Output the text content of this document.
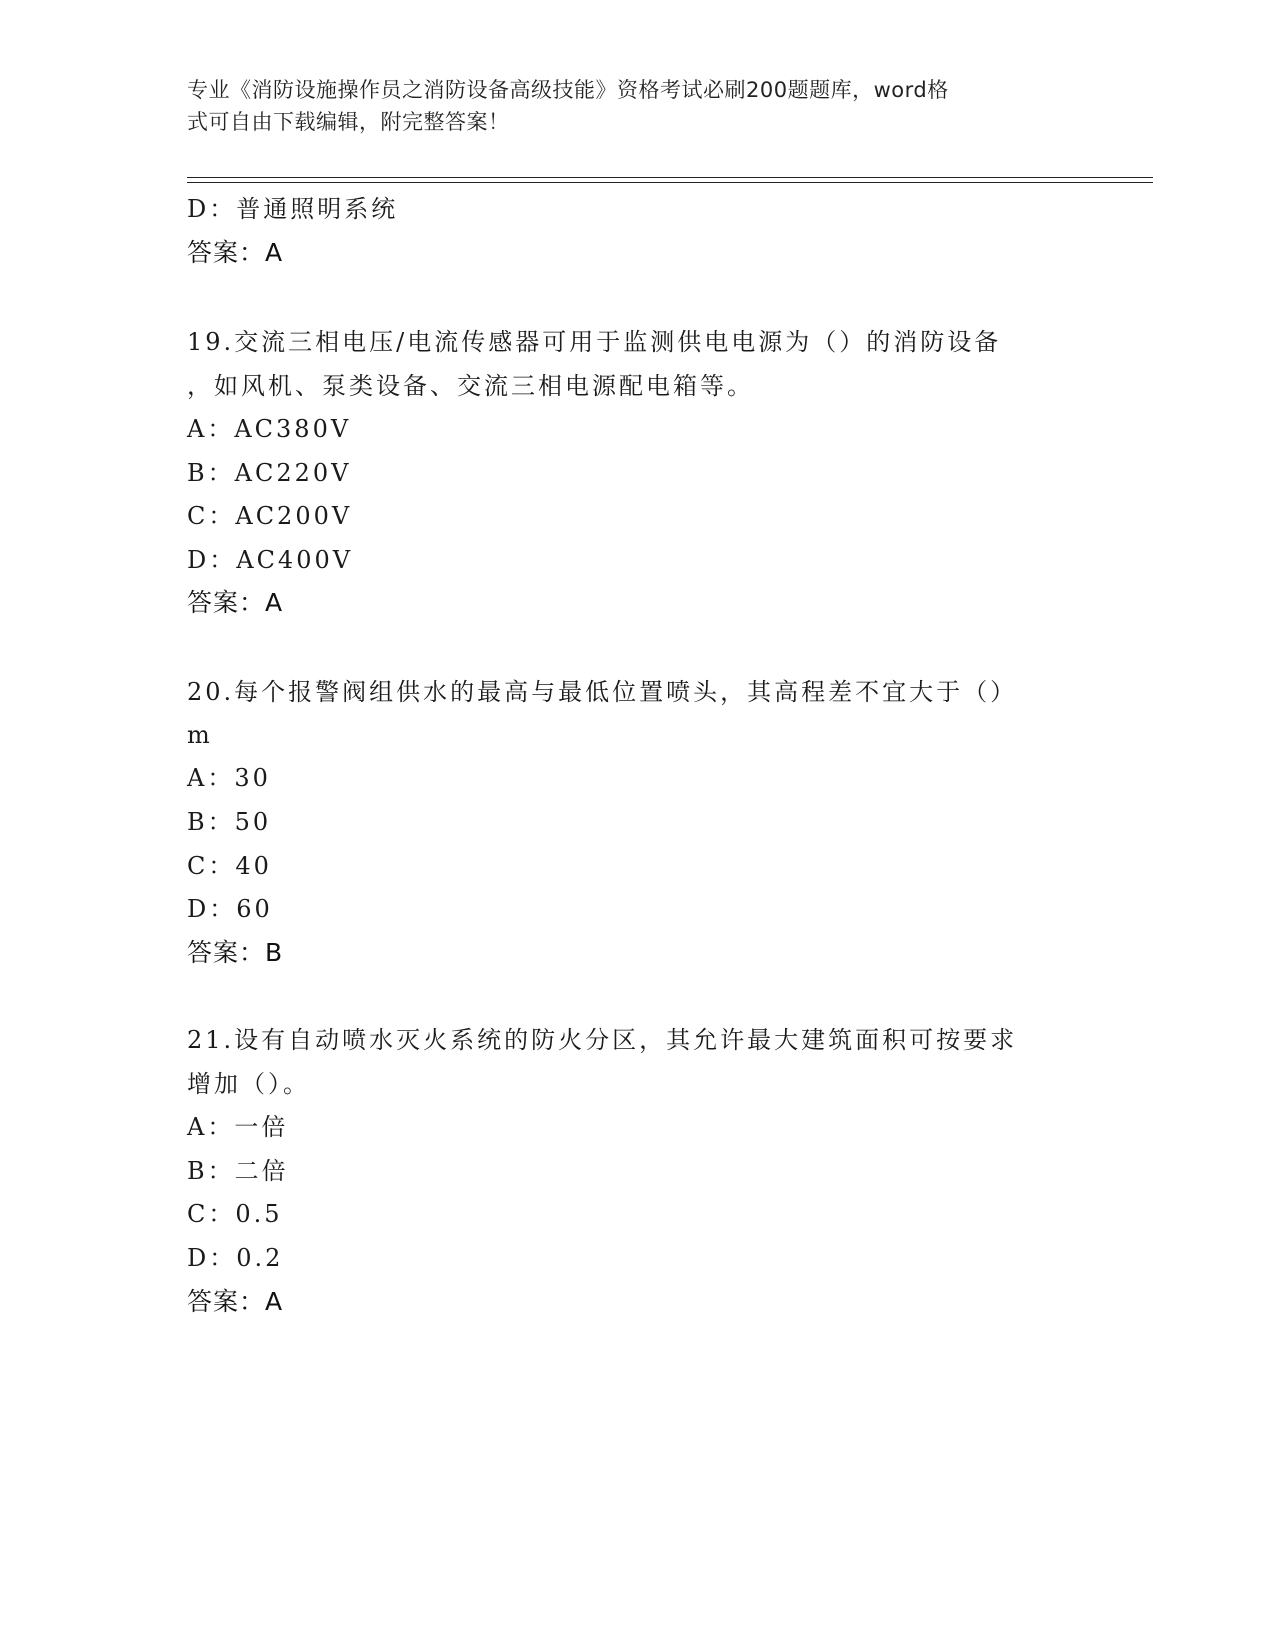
专业《消防设施操作员之消防设备高级技能》资格考试必刷200题题库，word格
式可自由下载编辑，附完整答案！
D：普通照明系统
答案：A
19.交流三相电压/电流传感器可用于监测供电电源为（）的消防设备
，如风机、泵类设备、交流三相电源配电箱等。
A：AC380V
B：AC220V
C：AC200V
D：AC400V
答案：A
20.每个报警阀组供水的最高与最低位置喷头，其高程差不宜大于（）
m
A：30
B：50
C：40
D：60
答案：B
21.设有自动喷水灭火系统的防火分区，其允许最大建筑面积可按要求
增加（）。
A：一倍
B：二倍
C：0.5
D：0.2
答案：A
